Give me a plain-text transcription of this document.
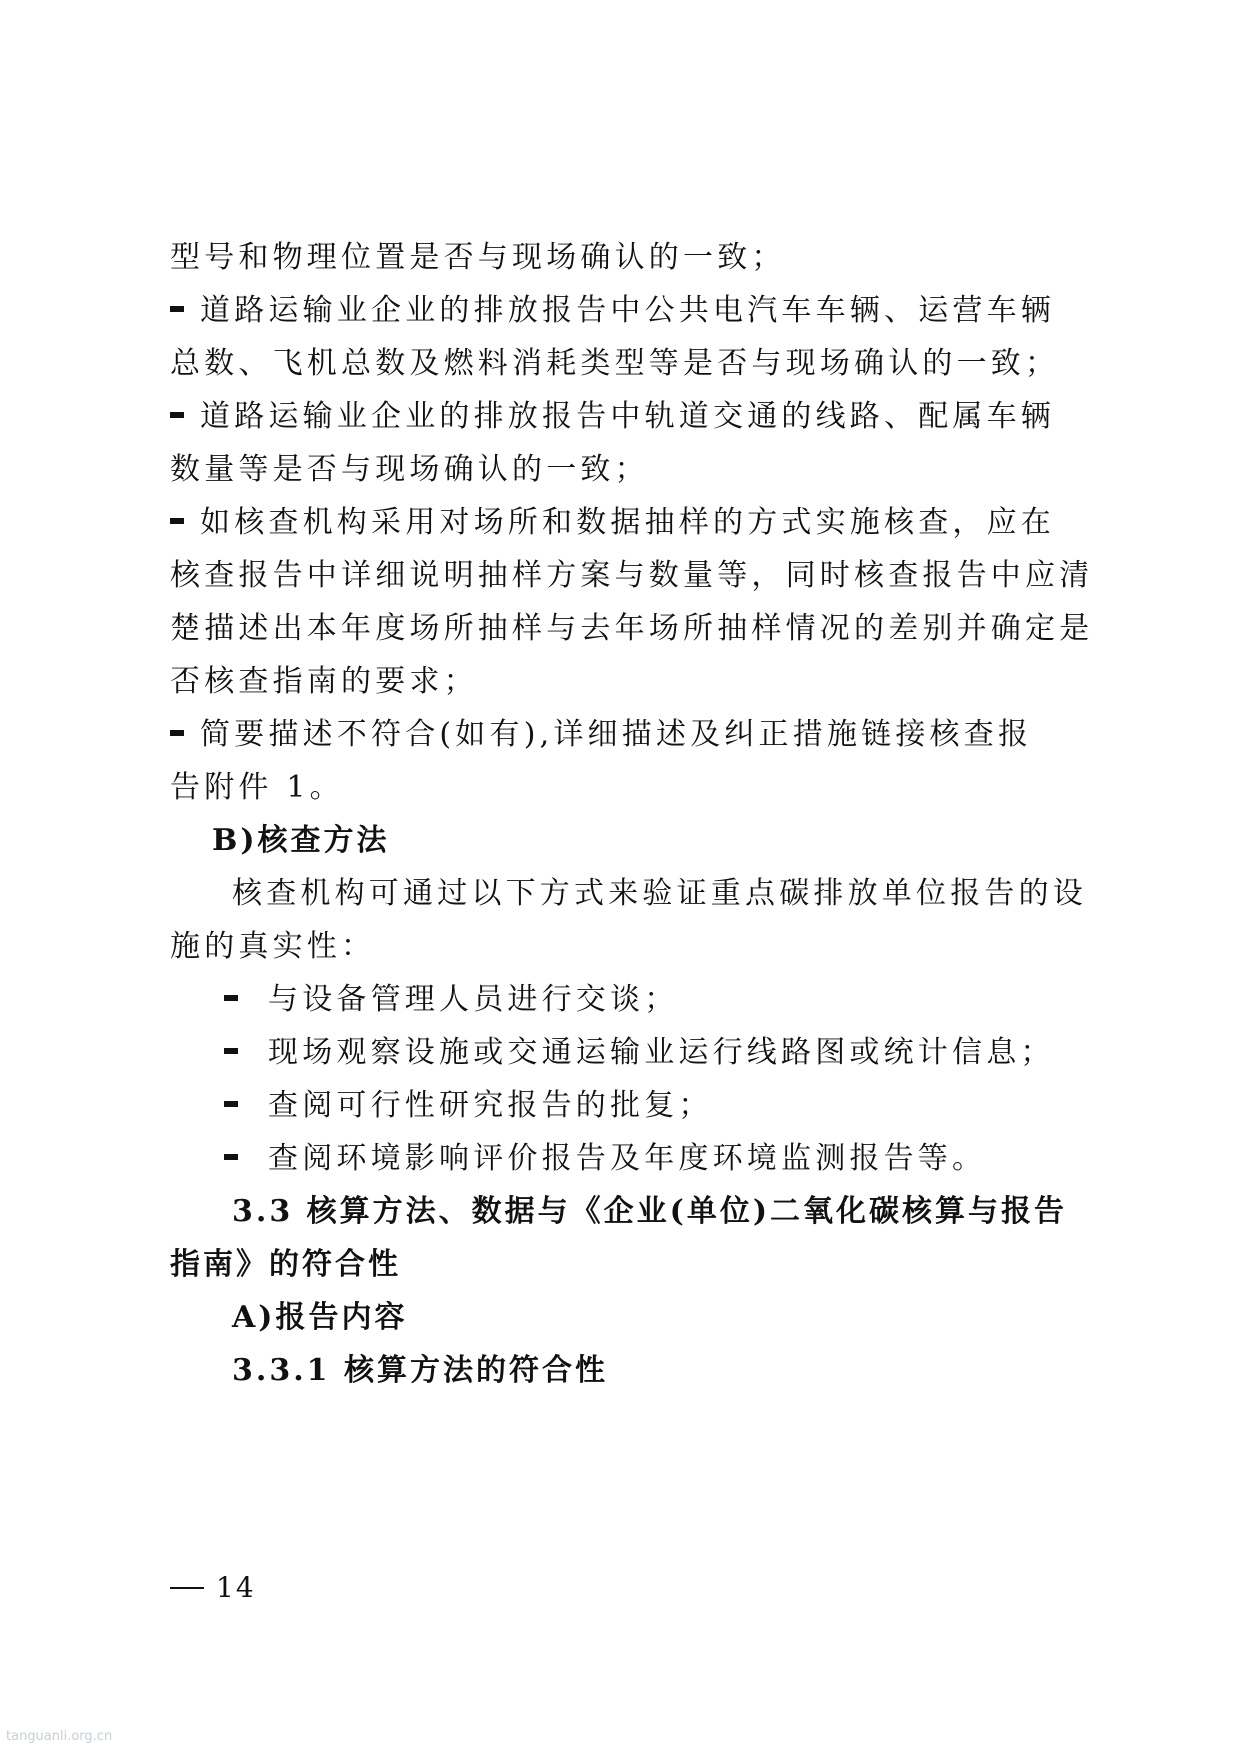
型号和物理位置是否与现场确认的一致；
道路运输业企业的排放报告中公共电汽车车辆、运营车辆
总数、飞机总数及燃料消耗类型等是否与现场确认的一致；
道路运输业企业的排放报告中轨道交通的线路、配属车辆
数量等是否与现场确认的一致；
如核查机构采用对场所和数据抽样的方式实施核查，应在
核查报告中详细说明抽样方案与数量等，同时核查报告中应清
楚描述出本年度场所抽样与去年场所抽样情况的差别并确定是
否核查指南的要求；
简要描述不符合(如有),详细描述及纠正措施链接核查报
告附件 1。
B)核查方法
核查机构可通过以下方式来验证重点碳排放单位报告的设
施的真实性：
与设备管理人员进行交谈；
现场观察设施或交通运输业运行线路图或统计信息；
查阅可行性研究报告的批复；
查阅环境影响评价报告及年度环境监测报告等。
3.3 核算方法、数据与《企业(单位)二氧化碳核算与报告
指南》的符合性
A)报告内容
3.3.1 核算方法的符合性
14
tanguanli.org.cn
